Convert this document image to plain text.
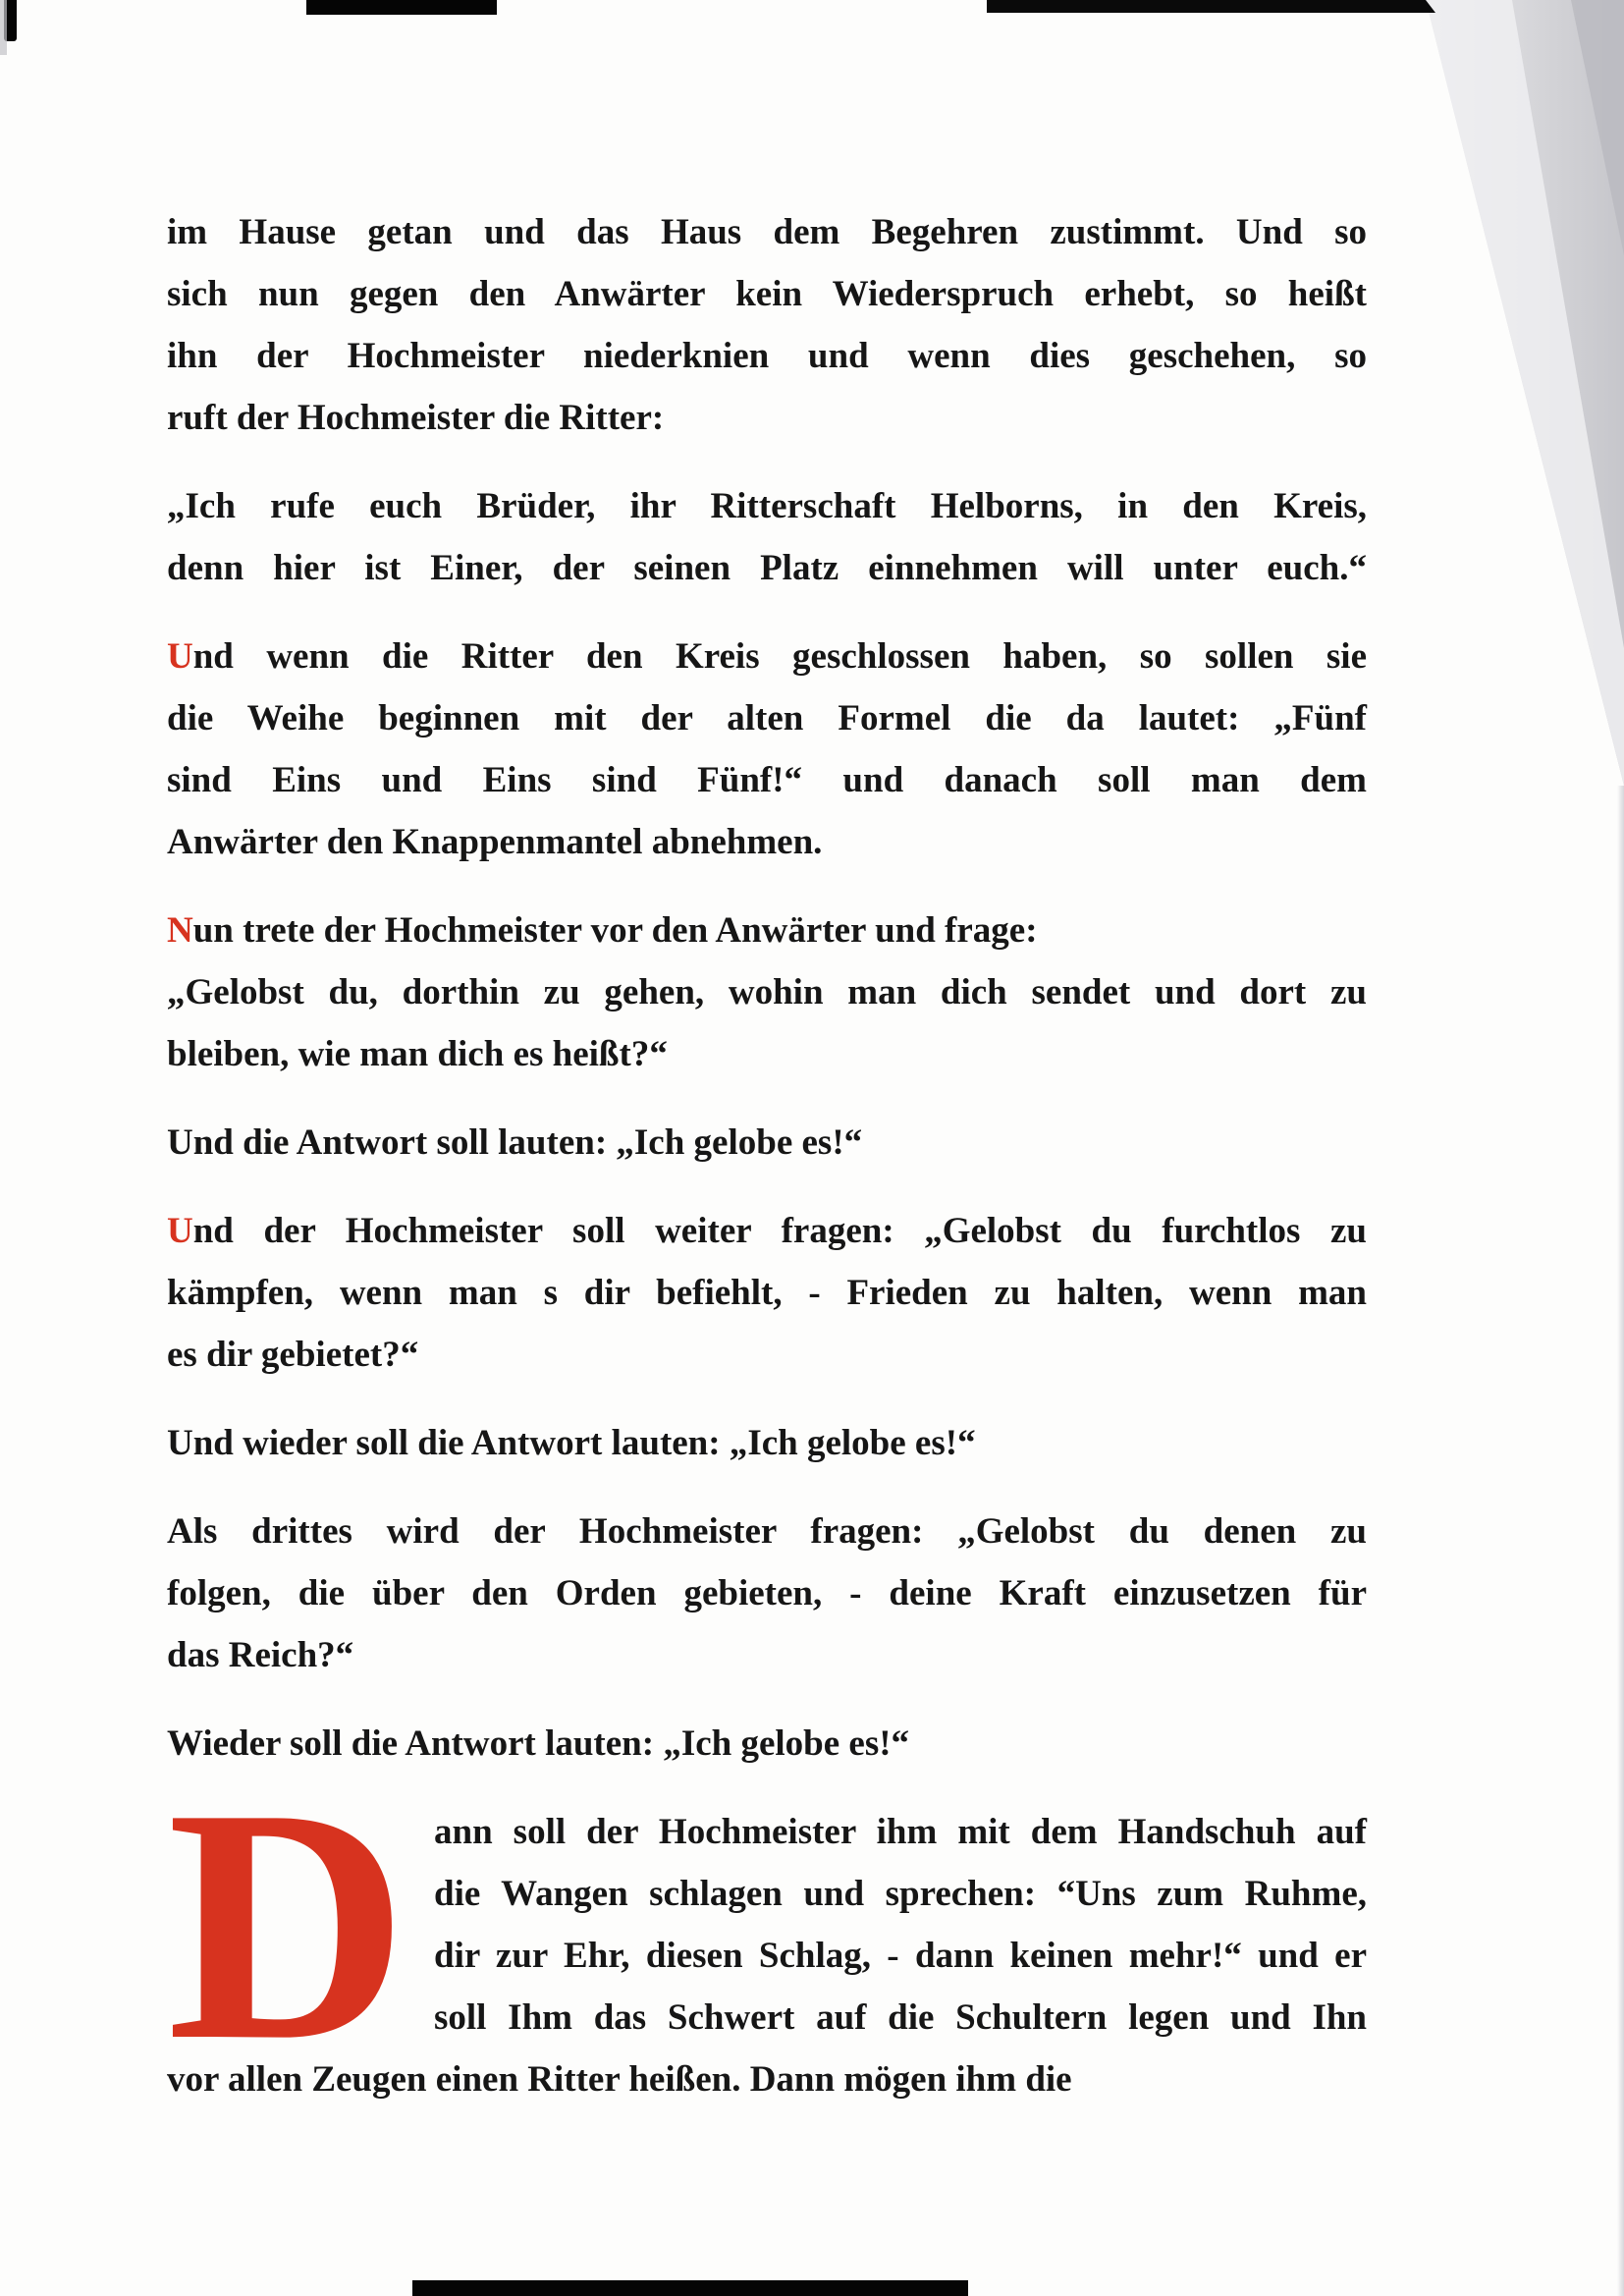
im Hause getan und das Haus dem Begehren zustimmt. Und so
sich nun gegen den Anwärter kein Wiederspruch erhebt, so heißt
ihn der Hochmeister niederknien und wenn dies geschehen, so
ruft der Hochmeister die Ritter:

„Ich rufe euch Brüder, ihr Ritterschaft Helborns, in den Kreis,
denn hier ist Einer, der seinen Platz einnehmen will unter euch.“

Und wenn die Ritter den Kreis geschlossen haben, so sollen sie
die Weihe beginnen mit der alten Formel die da lautet: „Fünf
sind Eins und Eins sind Fünf!“ und danach soll man dem
Anwärter den Knappenmantel abnehmen.

Nun trete der Hochmeister vor den Anwärter und frage:
„Gelobst du, dorthin zu gehen, wohin man dich sendet und dort zu
bleiben, wie man dich es heißt?“

Und die Antwort soll lauten: „Ich gelobe es!“

Und der Hochmeister soll weiter fragen: „Gelobst du furchtlos zu
kämpfen, wenn man s dir befiehlt, - Frieden zu halten, wenn man
es dir gebietet?“

Und wieder soll die Antwort lauten: „Ich gelobe es!“

Als drittes wird der Hochmeister fragen: „Gelobst du denen zu
folgen, die über den Orden gebieten, - deine Kraft einzusetzen für
das Reich?“

Wieder soll die Antwort lauten: „Ich gelobe es!“

D ann soll der Hochmeister ihm mit dem Handschuh auf
die Wangen schlagen und sprechen: “Uns zum Ruhme,
dir zur Ehr, diesen Schlag, - dann keinen mehr!“ und er
soll Ihm das Schwert auf die Schultern legen und Ihn
vor allen Zeugen einen Ritter heißen. Dann mögen ihm die
